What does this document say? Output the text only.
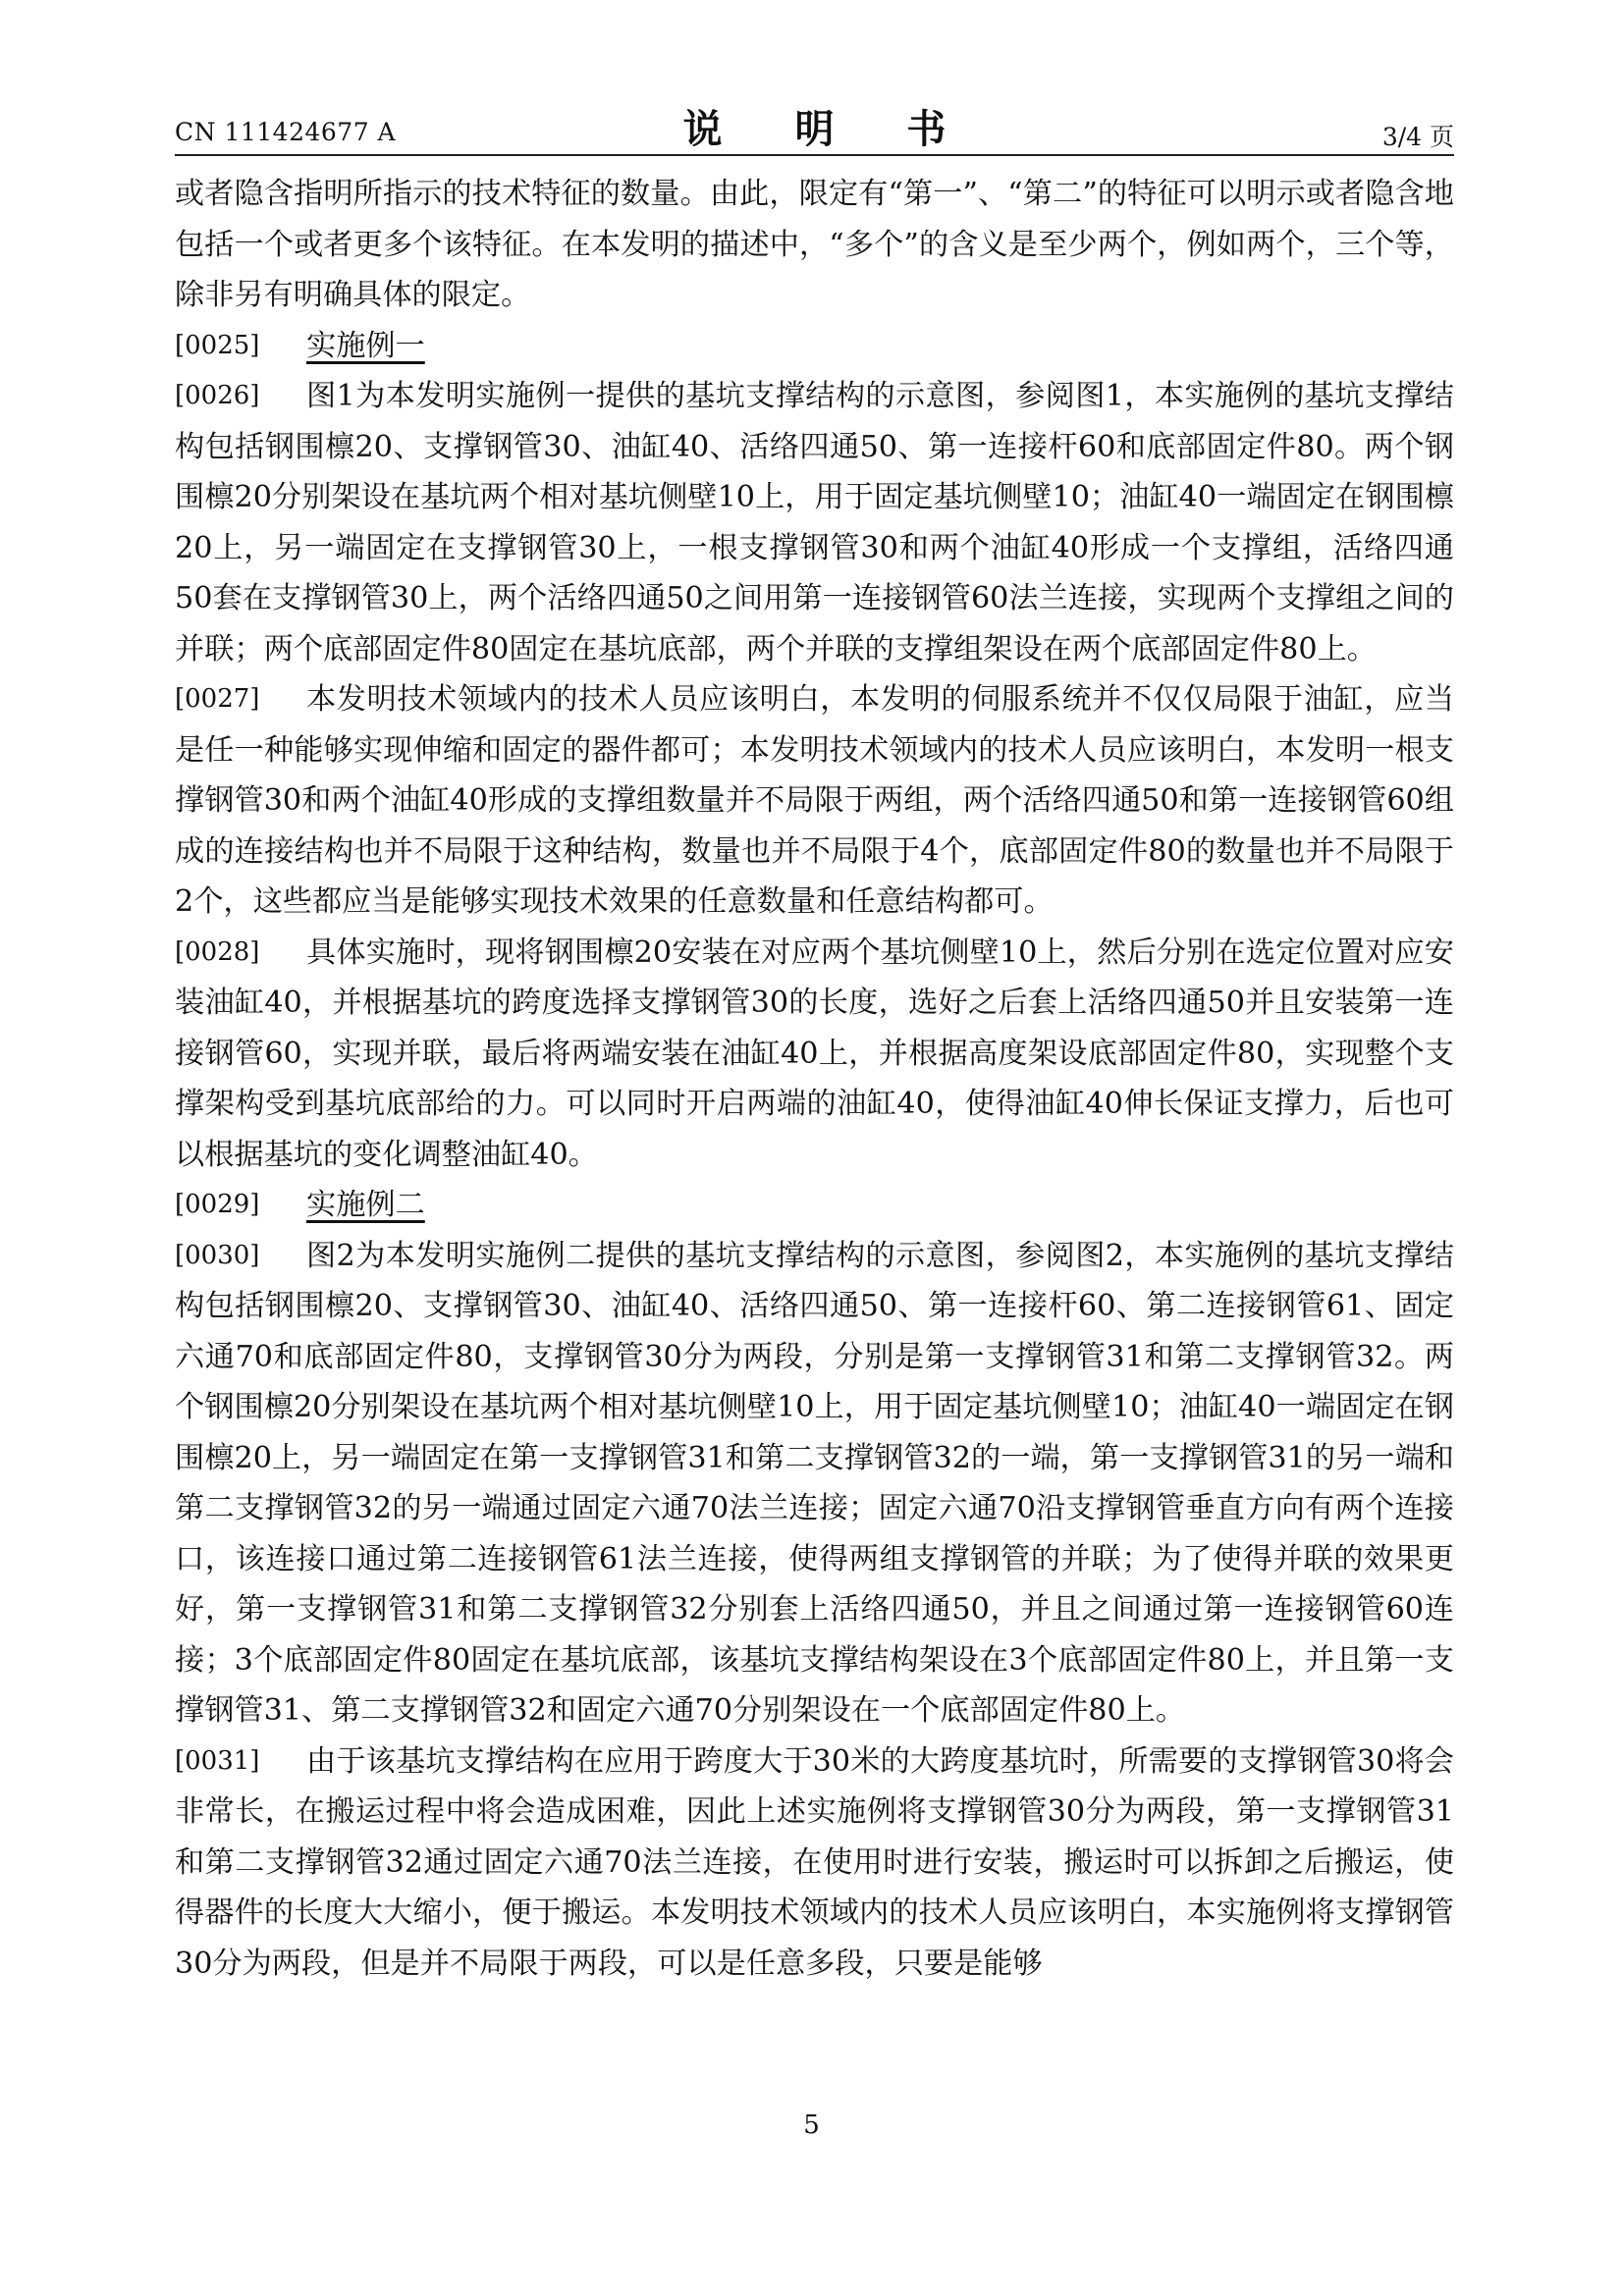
CN 111424677 A	说 明 书	3/4 页
或者隐含指明所指示的技术特征的数量。由此，限定有“第一”、“第二”的特征可以明示或者隐含地包括一个或者更多个该特征。在本发明的描述中，“多个”的含义是至少两个，例如两个，三个等，除非另有明确具体的限定。
[0025]	实施例一
[0026]	图1为本发明实施例一提供的基坑支撑结构的示意图，参阅图1，本实施例的基坑支撑结构包括钢围檩20、支撑钢管30、油缸40、活络四通50、第一连接杆60和底部固定件80。两个钢围檩20分别架设在基坑两个相对基坑侧壁10上，用于固定基坑侧壁10；油缸40一端固定在钢围檩20上，另一端固定在支撑钢管30上，一根支撑钢管30和两个油缸40形成一个支撑组，活络四通50套在支撑钢管30上，两个活络四通50之间用第一连接钢管60法兰连接，实现两个支撑组之间的并联；两个底部固定件80固定在基坑底部，两个并联的支撑组架设在两个底部固定件80上。
[0027]	本发明技术领域内的技术人员应该明白，本发明的伺服系统并不仅仅局限于油缸，应当是任一种能够实现伸缩和固定的器件都可；本发明技术领域内的技术人员应该明白，本发明一根支撑钢管30和两个油缸40形成的支撑组数量并不局限于两组，两个活络四通50和第一连接钢管60组成的连接结构也并不局限于这种结构，数量也并不局限于4个，底部固定件80的数量也并不局限于2个，这些都应当是能够实现技术效果的任意数量和任意结构都可。
[0028]	具体实施时，现将钢围檩20安装在对应两个基坑侧壁10上，然后分别在选定位置对应安装油缸40，并根据基坑的跨度选择支撑钢管30的长度，选好之后套上活络四通50并且安装第一连接钢管60，实现并联，最后将两端安装在油缸40上，并根据高度架设底部固定件80，实现整个支撑架构受到基坑底部给的力。可以同时开启两端的油缸40，使得油缸40伸长保证支撑力，后也可以根据基坑的变化调整油缸40。
[0029]	实施例二
[0030]	图2为本发明实施例二提供的基坑支撑结构的示意图，参阅图2，本实施例的基坑支撑结构包括钢围檩20、支撑钢管30、油缸40、活络四通50、第一连接杆60、第二连接钢管61、固定六通70和底部固定件80，支撑钢管30分为两段，分别是第一支撑钢管31和第二支撑钢管32。两个钢围檩20分别架设在基坑两个相对基坑侧壁10上，用于固定基坑侧壁10；油缸40一端固定在钢围檩20上，另一端固定在第一支撑钢管31和第二支撑钢管32的一端，第一支撑钢管31的另一端和第二支撑钢管32的另一端通过固定六通70法兰连接；固定六通70沿支撑钢管垂直方向有两个连接口，该连接口通过第二连接钢管61法兰连接，使得两组支撑钢管的并联；为了使得并联的效果更好，第一支撑钢管31和第二支撑钢管32分别套上活络四通50，并且之间通过第一连接钢管60连接；3个底部固定件80固定在基坑底部，该基坑支撑结构架设在3个底部固定件80上，并且第一支撑钢管31、第二支撑钢管32和固定六通70分别架设在一个底部固定件80上。
[0031]	由于该基坑支撑结构在应用于跨度大于30米的大跨度基坑时，所需要的支撑钢管30将会非常长，在搬运过程中将会造成困难，因此上述实施例将支撑钢管30分为两段，第一支撑钢管31和第二支撑钢管32通过固定六通70法兰连接，在使用时进行安装，搬运时可以拆卸之后搬运，使得器件的长度大大缩小，便于搬运。本发明技术领域内的技术人员应该明白，本实施例将支撑钢管30分为两段，但是并不局限于两段，可以是任意多段，只要是能够
5
